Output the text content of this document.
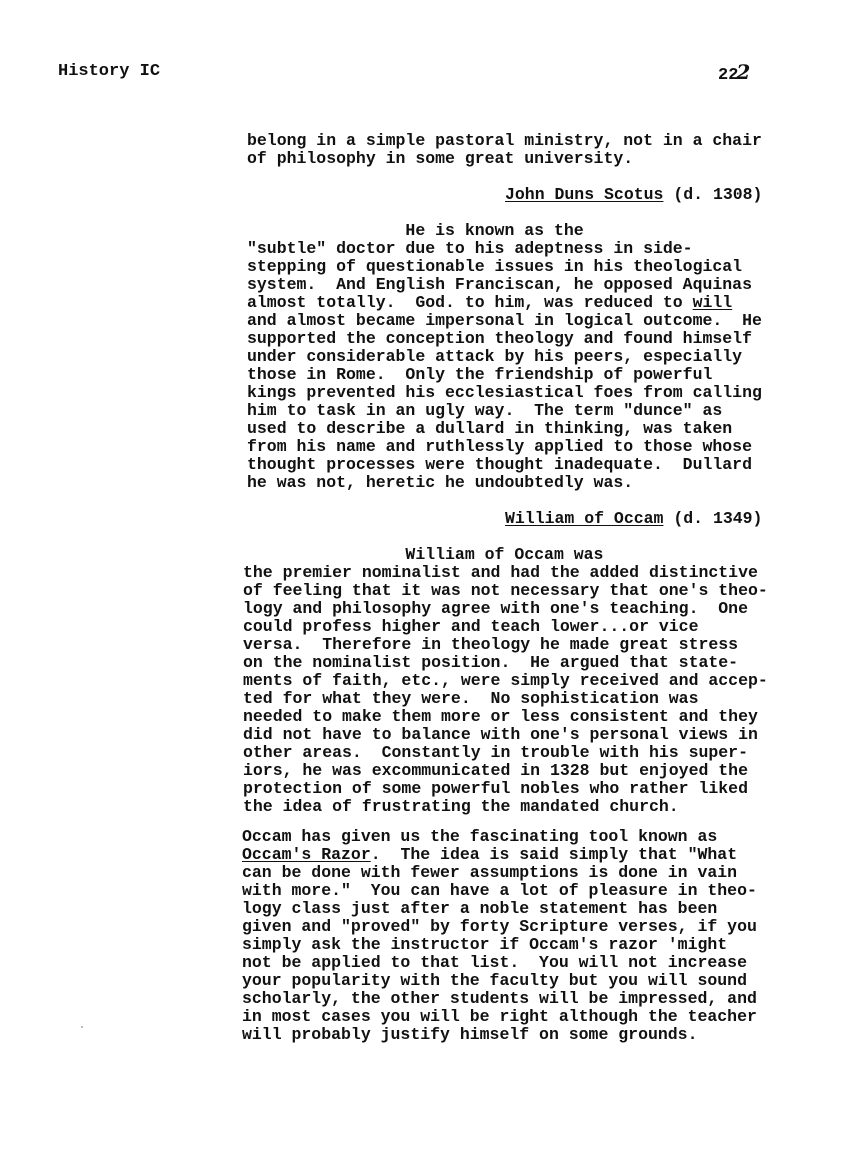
History IC	222
belong in a simple pastoral ministry, not in a chair
of philosophy in some great university.
John Duns Scotus (d. 1308)
He is known as the
"subtle" doctor due to his adeptness in side-
stepping of questionable issues in his theological
system.  And English Franciscan, he opposed Aquinas
almost totally.  God. to him, was reduced to will
and almost became impersonal in logical outcome.  He
supported the conception theology and found himself
under considerable attack by his peers, especially
those in Rome.  Only the friendship of powerful
kings prevented his ecclesiastical foes from calling
him to task in an ugly way.  The term "dunce" as
used to describe a dullard in thinking, was taken
from his name and ruthlessly applied to those whose
thought processes were thought inadequate.  Dullard
he was not, heretic he undoubtedly was.
William of Occam (d. 1349)
William of Occam was
the premier nominalist and had the added distinctive
of feeling that it was not necessary that one's theo-
logy and philosophy agree with one's teaching.  One
could profess higher and teach lower...or vice
versa.  Therefore in theology he made great stress
on the nominalist position.  He argued that state-
ments of faith, etc., were simply received and accep-
ted for what they were.  No sophistication was
needed to make them more or less consistent and they
did not have to balance with one's personal views in
other areas.  Constantly in trouble with his super-
iors, he was excommunicated in 1328 but enjoyed the
protection of some powerful nobles who rather liked
the idea of frustrating the mandated church.
Occam has given us the fascinating tool known as
Occam's Razor.  The idea is said simply that "What
can be done with fewer assumptions is done in vain
with more."  You can have a lot of pleasure in theo-
logy class just after a noble statement has been
given and "proved" by forty Scripture verses, if you
simply ask the instructor if Occam's razor 'might
not be applied to that list.  You will not increase
your popularity with the faculty but you will sound
scholarly, the other students will be impressed, and
in most cases you will be right although the teacher
will probably justify himself on some grounds.
